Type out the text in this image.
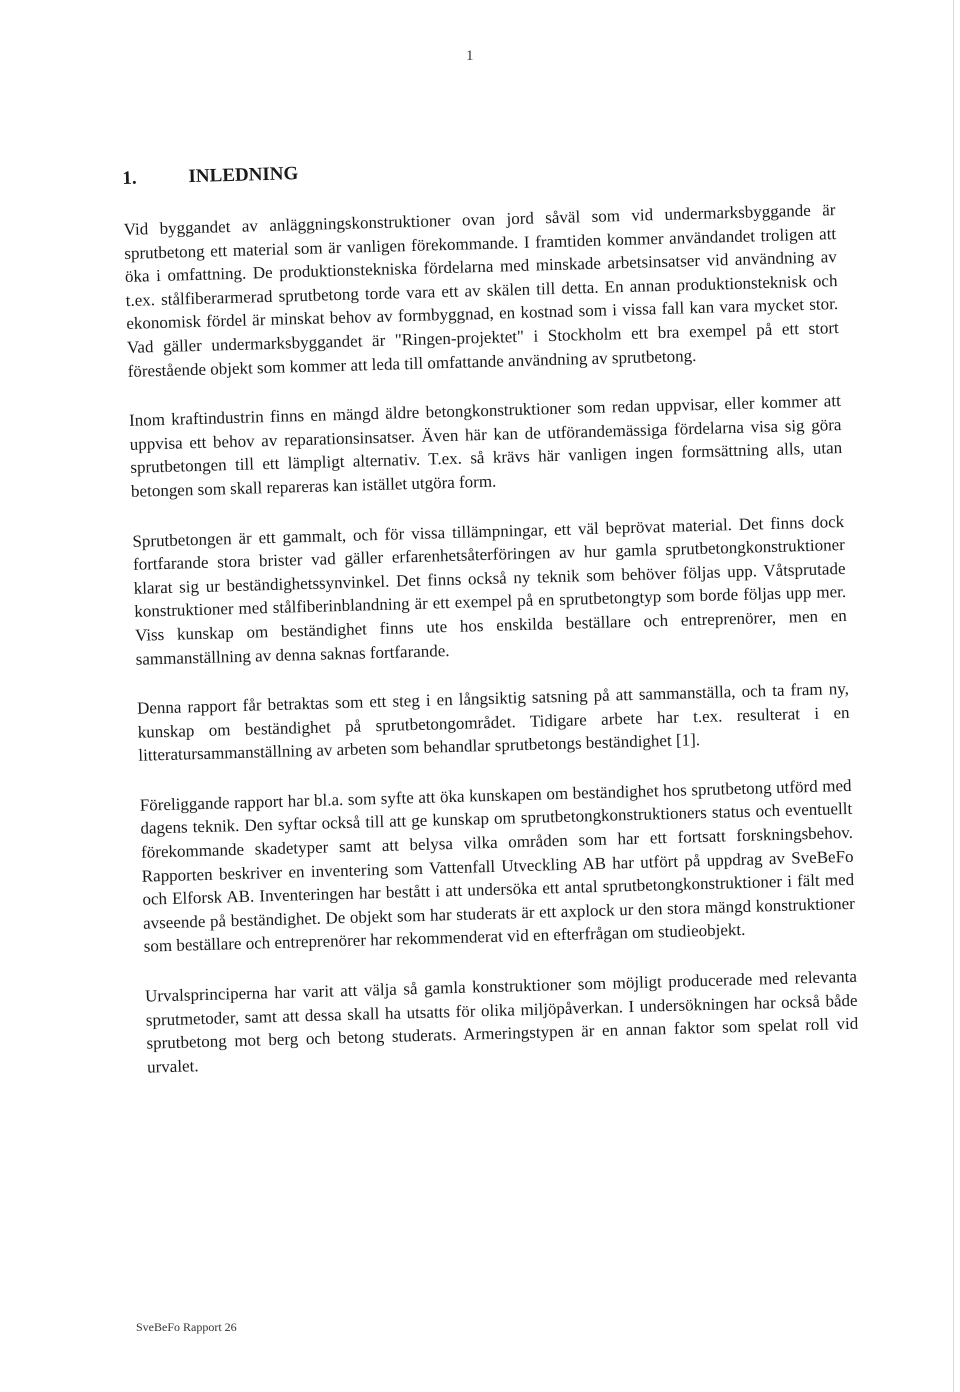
1
1.	INLEDNING

Vid byggandet av anläggningskonstruktioner ovan jord såväl som vid undermarksbyggande är sprutbetong ett material som är vanligen förekommande. I framtiden kommer användandet troligen att öka i omfattning. De produktionstekniska fördelarna med minskade arbetsinsatser vid användning av t.ex. stålfiberarmerad sprutbetong torde vara ett av skälen till detta. En annan produktionsteknisk och ekonomisk fördel är minskat behov av formbyggnad, en kostnad som i vissa fall kan vara mycket stor. Vad gäller undermarksbyggandet är "Ringen-projektet" i Stockholm ett bra exempel på ett stort förestående objekt som kommer att leda till omfattande användning av sprutbetong.

Inom kraftindustrin finns en mängd äldre betongkonstruktioner som redan uppvisar, eller kommer att uppvisa ett behov av reparationsinsatser. Även här kan de utförandemässiga fördelarna visa sig göra sprutbetongen till ett lämpligt alternativ. T.ex. så krävs här vanligen ingen formsättning alls, utan betongen som skall repareras kan istället utgöra form.

Sprutbetongen är ett gammalt, och för vissa tillämpningar, ett väl beprövat material. Det finns dock fortfarande stora brister vad gäller erfarenhetsåterföringen av hur gamla sprutbetongkonstruktioner klarat sig ur beständighetssynvinkel. Det finns också ny teknik som behöver följas upp. Våtsprutade konstruktioner med stålfiberinblandning är ett exempel på en sprutbetongtyp som borde följas upp mer. Viss kunskap om beständighet finns ute hos enskilda beställare och entreprenörer, men en sammanställning av denna saknas fortfarande.

Denna rapport får betraktas som ett steg i en långsiktig satsning på att sammanställa, och ta fram ny, kunskap om beständighet på sprutbetongområdet. Tidigare arbete har t.ex. resulterat i en litteratursammanställning av arbeten som behandlar sprutbetongs beständighet [1].

Föreliggande rapport har bl.a. som syfte att öka kunskapen om beständighet hos sprutbetong utförd med dagens teknik. Den syftar också till att ge kunskap om sprutbetongkonstruktioners status och eventuellt förekommande skadetyper samt att belysa vilka områden som har ett fortsatt forskningsbehov. Rapporten beskriver en inventering som Vattenfall Utveckling AB har utfört på uppdrag av SveBeFo och Elforsk AB. Inventeringen har bestått i att undersöka ett antal sprutbetongkonstruktioner i fält med avseende på beständighet. De objekt som har studerats är ett axplock ur den stora mängd konstruktioner som beställare och entreprenörer har rekommenderat vid en efterfrågan om studieobjekt.

Urvalsprinciperna har varit att välja så gamla konstruktioner som möjligt producerade med relevanta sprutmetoder, samt att dessa skall ha utsatts för olika miljöpåverkan. I undersökningen har också både sprutbetong mot berg och betong studerats. Armeringstypen är en annan faktor som spelat roll vid urvalet.

SveBeFo Rapport 26
